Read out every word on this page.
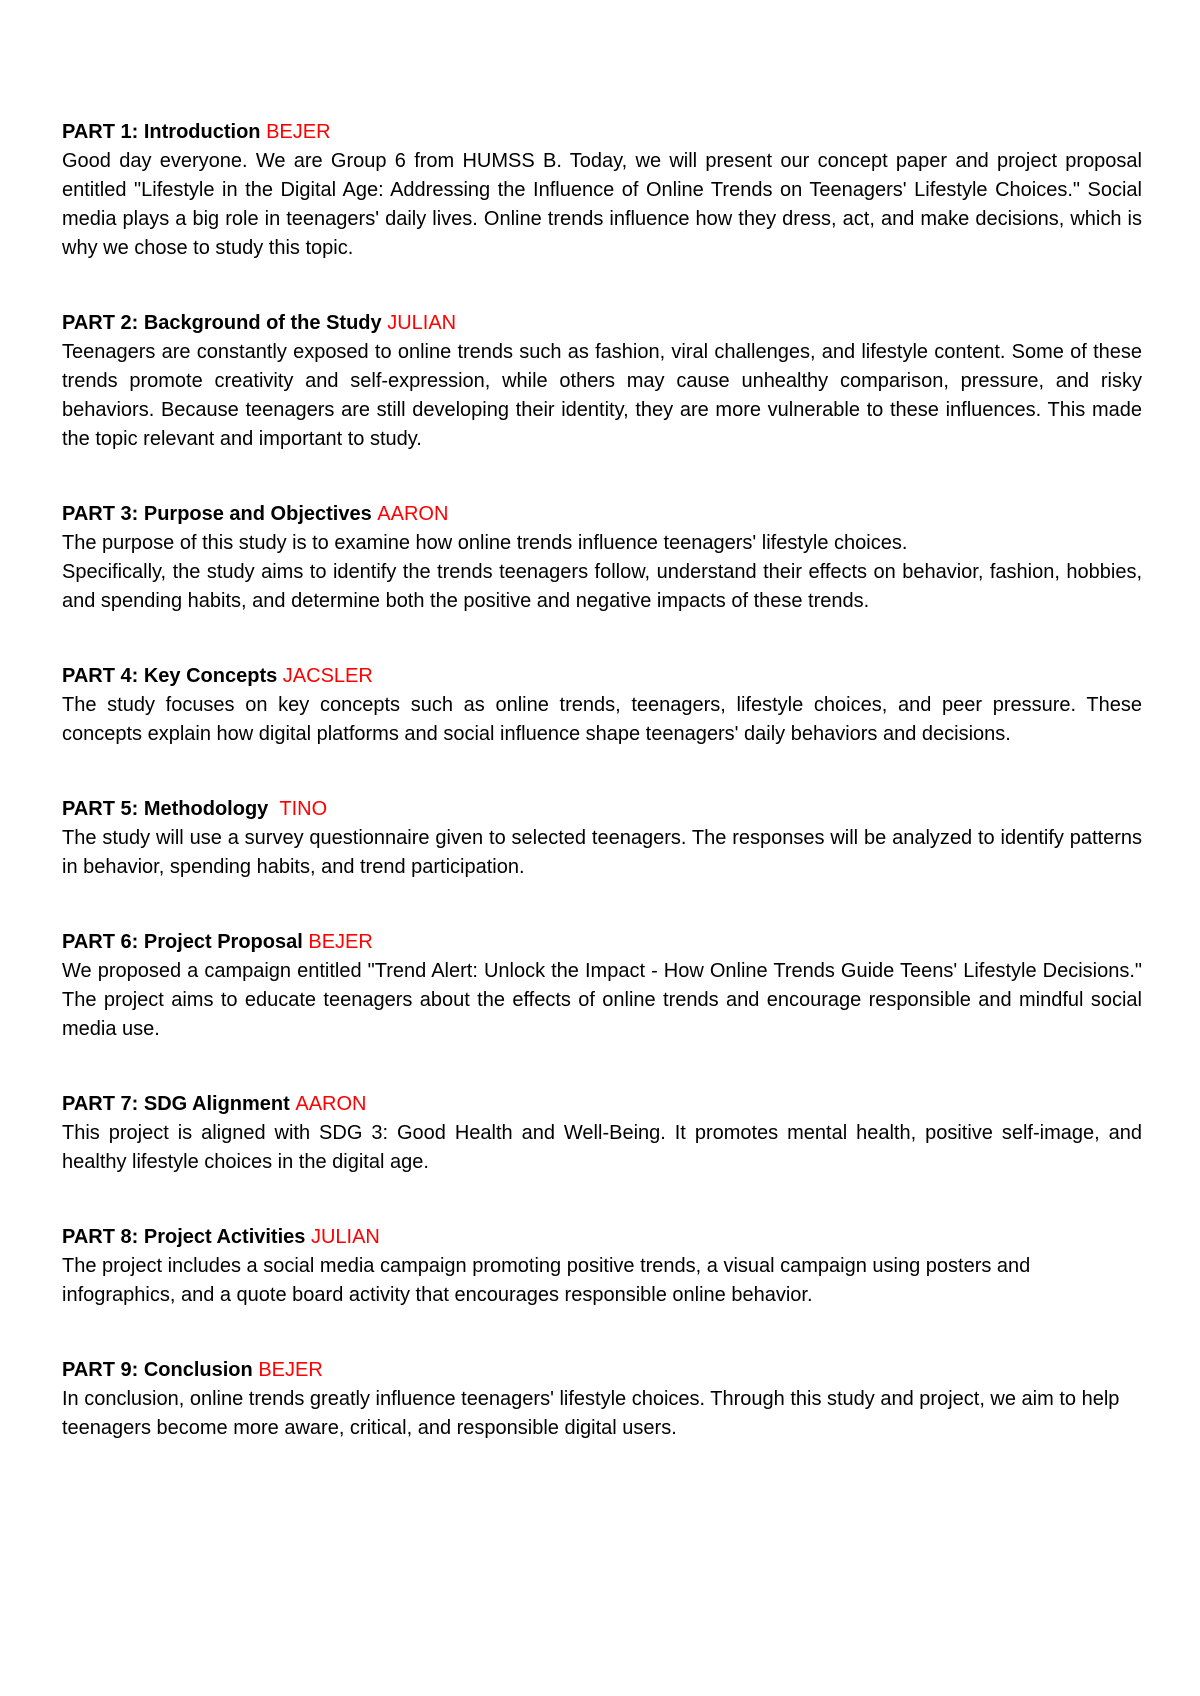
PART 1: Introduction BEJER

Good day everyone. We are Group 6 from HUMSS B. Today, we will present our concept paper and project proposal entitled "Lifestyle in the Digital Age: Addressing the Influence of Online Trends on Teenagers' Lifestyle Choices." Social media plays a big role in teenagers' daily lives. Online trends influence how they dress, act, and make decisions, which is why we chose to study this topic.

PART 2: Background of the Study JULIAN

Teenagers are constantly exposed to online trends such as fashion, viral challenges, and lifestyle content. Some of these trends promote creativity and self-expression, while others may cause unhealthy comparison, pressure, and risky behaviors. Because teenagers are still developing their identity, they are more vulnerable to these influences. This made the topic relevant and important to study.

PART 3: Purpose and Objectives AARON

The purpose of this study is to examine how online trends influence teenagers' lifestyle choices.

Specifically, the study aims to identify the trends teenagers follow, understand their effects on behavior, fashion, hobbies, and spending habits, and determine both the positive and negative impacts of these trends.

PART 4: Key Concepts JACSLER

The study focuses on key concepts such as online trends, teenagers, lifestyle choices, and peer pressure. These concepts explain how digital platforms and social influence shape teenagers' daily behaviors and decisions.

PART 5: Methodology TINO

The study will use a survey questionnaire given to selected teenagers. The responses will be analyzed to identify patterns in behavior, spending habits, and trend participation.

PART 6: Project Proposal BEJER

We proposed a campaign entitled "Trend Alert: Unlock the Impact - How Online Trends Guide Teens' Lifestyle Decisions." The project aims to educate teenagers about the effects of online trends and encourage responsible and mindful social media use.

PART 7: SDG Alignment AARON

This project is aligned with SDG 3: Good Health and Well-Being. It promotes mental health, positive self-image, and healthy lifestyle choices in the digital age.

PART 8: Project Activities JULIAN

The project includes a social media campaign promoting positive trends, a visual campaign using posters and infographics, and a quote board activity that encourages responsible online behavior.

PART 9: Conclusion BEJER

In conclusion, online trends greatly influence teenagers' lifestyle choices. Through this study and project, we aim to help teenagers become more aware, critical, and responsible digital users.
